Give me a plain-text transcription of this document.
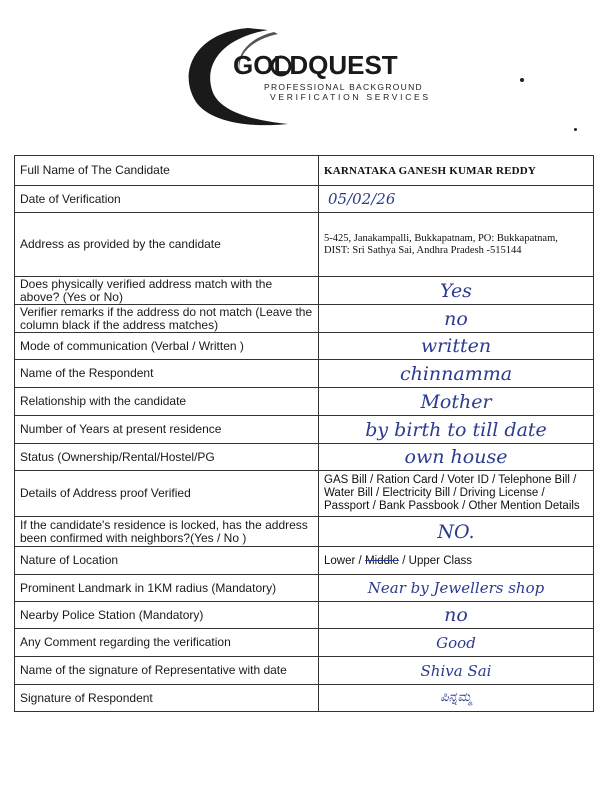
GOLDQUEST
PROFESSIONAL BACKGROUND
VERIFICATION SERVICES
Full Name of The Candidate	KARNATAKA GANESH KUMAR REDDY
Date of Verification	05/02/26

Address as provided by the candidate	5-425, Janakampalli, Bukkapatnam, PO: Bukkapatnam,
DIST: Sri Sathya Sai, Andhra Pradesh -515144

Does physically verified address match with the above? (Yes or No)	Yes

Verifier remarks if the address do not match (Leave the column black if the address matches)	no

Mode of communication (Verbal / Written )	written

Name of the Respondent	chinnamma

Relationship with the candidate	Mother

Number of Years at present residence	by birth to till date

Status (Ownership/Rental/Hostel/PG	own house

Details of Address proof Verified	GAS Bill / Ration Card / Voter ID / Telephone Bill /
Water Bill / Electricity Bill / Driving License /
Passport / Bank Passbook / Other Mention Details

If the candidate's residence is locked, has the address been confirmed with neighbors?(Yes / No )	NO.

Nature of Location	Lower / Middle / Upper Class
Prominent Landmark in 1KM radius (Mandatory)	Near by Jewellers shop

Nearby Police Station (Mandatory)	no

Any Comment regarding the verification	Good

Name of the signature of Representative with date	Shiva Sai

Signature of Respondent	ಪಿನ್ನಮ್ಮ
